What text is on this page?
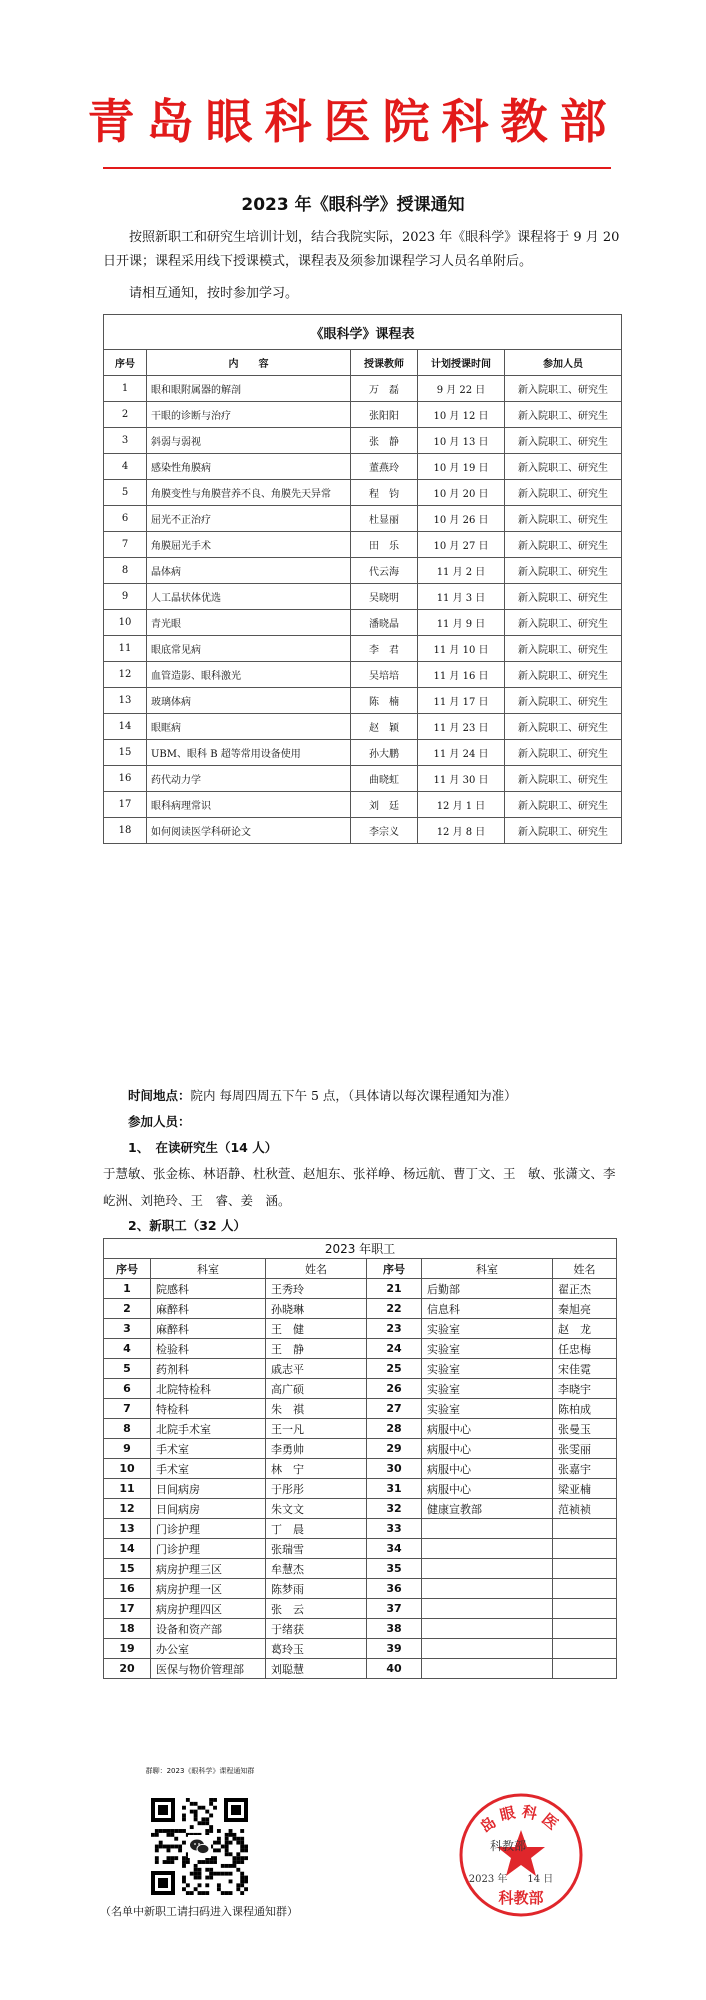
青岛眼科医院科教部
2023 年《眼科学》授课通知
按照新职工和研究生培训计划，结合我院实际，2023 年《眼科学》课程将于 9 月 20 日开课；课程采用线下授课模式，课程表及须参加课程学习人员名单附后。
请相互通知，按时参加学习。
《眼科学》课程表				
序号	内　　容	授课教师	计划授课时间	参加人员
1	眼和眼附属器的解剖	万　磊	9 月 22 日	新入院职工、研究生
2	干眼的诊断与治疗	张阳阳	10 月 12 日	新入院职工、研究生
3	斜弱与弱视	张　静	10 月 13 日	新入院职工、研究生
4	感染性角膜病	董燕玲	10 月 19 日	新入院职工、研究生
5	角膜变性与角膜营养不良、角膜先天异常	程　钧	10 月 20 日	新入院职工、研究生
6	屈光不正治疗	杜显丽	10 月 26 日	新入院职工、研究生
7	角膜屈光手术	田　乐	10 月 27 日	新入院职工、研究生
8	晶体病	代云海	11 月 2 日	新入院职工、研究生
9	人工晶状体优选	吴晓明	11 月 3 日	新入院职工、研究生
10	青光眼	潘晓晶	11 月 9 日	新入院职工、研究生
11	眼底常见病	李　君	11 月 10 日	新入院职工、研究生
12	血管造影、眼科激光	吴培培	11 月 16 日	新入院职工、研究生
13	玻璃体病	陈　楠	11 月 17 日	新入院职工、研究生
14	眼眶病	赵　颖	11 月 23 日	新入院职工、研究生
15	UBM、眼科 B 超等常用设备使用	孙大鹏	11 月 24 日	新入院职工、研究生
16	药代动力学	曲晓虹	11 月 30 日	新入院职工、研究生
17	眼科病理常识	刘　廷	12 月 1 日	新入院职工、研究生
18	如何阅读医学科研论文	李宗义	12 月 8 日	新入院职工、研究生
时间地点：院内 每周四周五下午 5 点，（具体请以每次课程通知为准）
参加人员：
1、　在读研究生（14 人）
于慧敏、张金栋、林语静、杜秋萱、赵旭东、张祥峥、杨远航、曹丁文、王　敏、张潇文、李屹洲、刘艳玲、王　睿、姜　涵。
2、新职工（32 人）
2023 年职工					
序号	科室	姓名	序号	科室	姓名
1	院感科	王秀玲	21	后勤部	翟正杰
2	麻醉科	孙晓琳	22	信息科	秦旭亮
3	麻醉科	王　健	23	实验室	赵　龙
4	检验科	王　静	24	实验室	任忠梅
5	药剂科	戚志平	25	实验室	宋佳霓
6	北院特检科	高广硕	26	实验室	李晓宇
7	特检科	朱　祺	27	实验室	陈柏成
8	北院手术室	王一凡	28	病服中心	张曼玉
9	手术室	李勇帅	29	病服中心	张雯丽
10	手术室	林　宁	30	病服中心	张嘉宇
11	日间病房	于彤彤	31	病服中心	梁亚楠
12	日间病房	朱文文	32	健康宣教部	范祯祯
13	门诊护理	丁　晨	33		
14	门诊护理	张瑞雪	34		
15	病房护理三区	牟慧杰	35		
16	病房护理一区	陈梦雨	36		
17	病房护理四区	张　云	37		
18	设备和资产部	于绪获	38		
19	办公室	葛玲玉	39		
20	医保与物价管理部	刘聪慧	40		
群聊：2023《眼科学》课程通知群
（名单中新职工请扫码进入课程通知群）
岛眼科医
科教部
2023 年　　14 日
科教部
